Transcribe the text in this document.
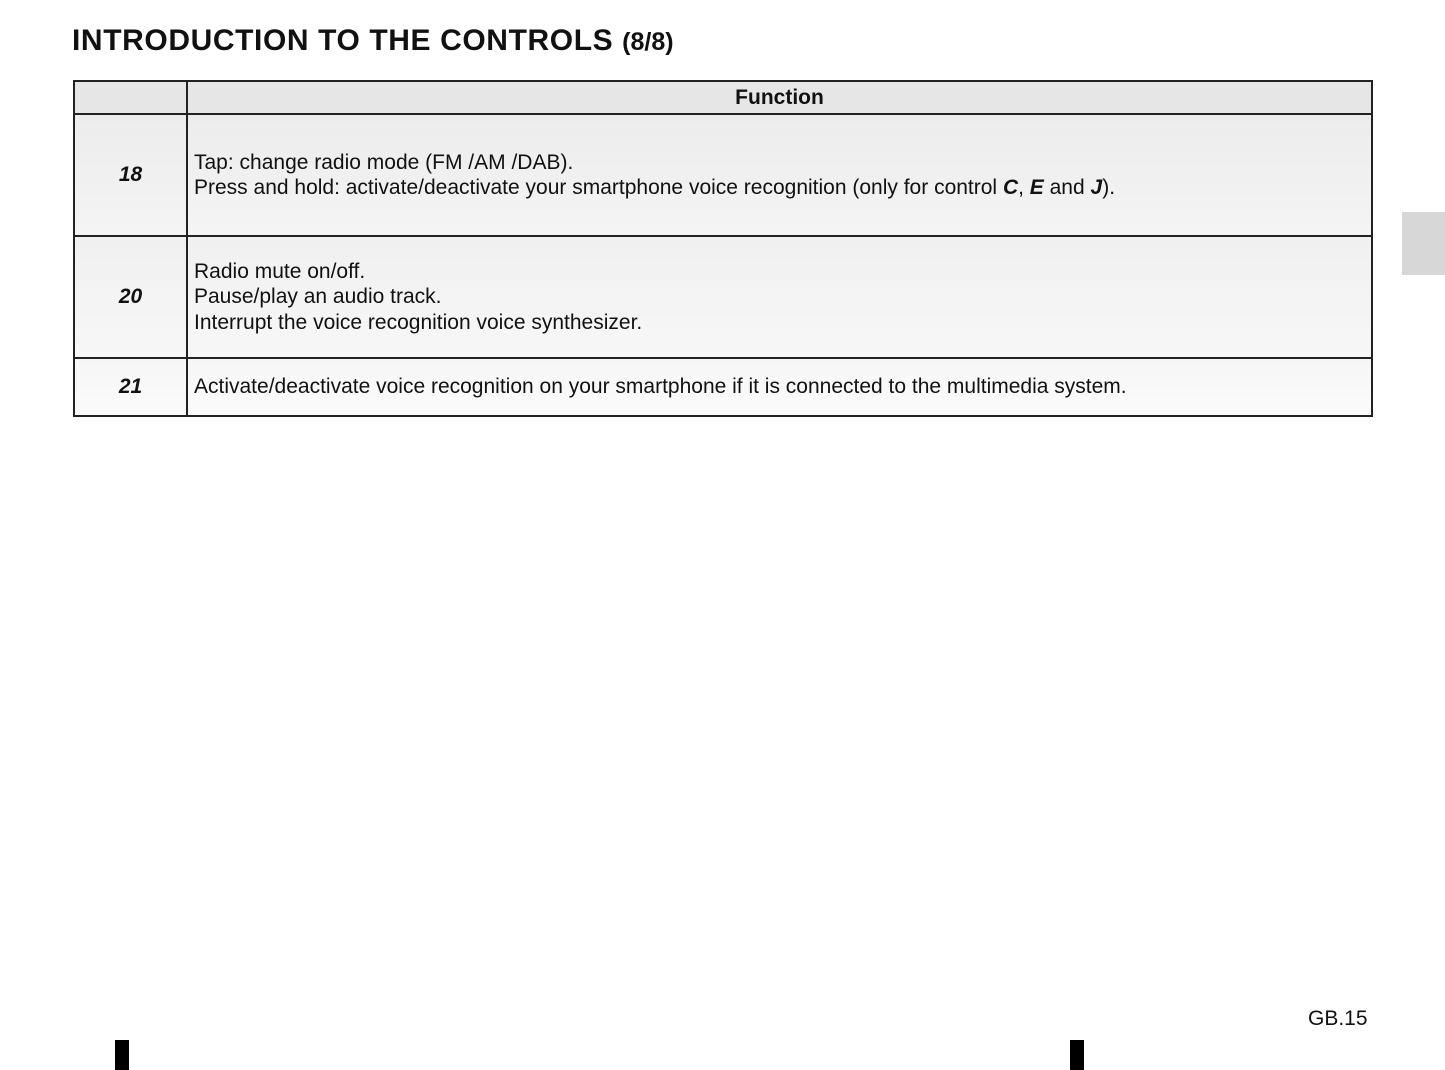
INTRODUCTION TO THE CONTROLS (8/8)
	Function
18	Tap: change radio mode (FM /AM /DAB).
Press and hold: activate/deactivate your smartphone voice recognition (only for control C, E and J).

20	Radio mute on/off.
Pause/play an audio track.
Interrupt the voice recognition voice synthesizer.

21	Activate/deactivate voice recognition on your smartphone if it is connected to the multimedia system.
GB.15
